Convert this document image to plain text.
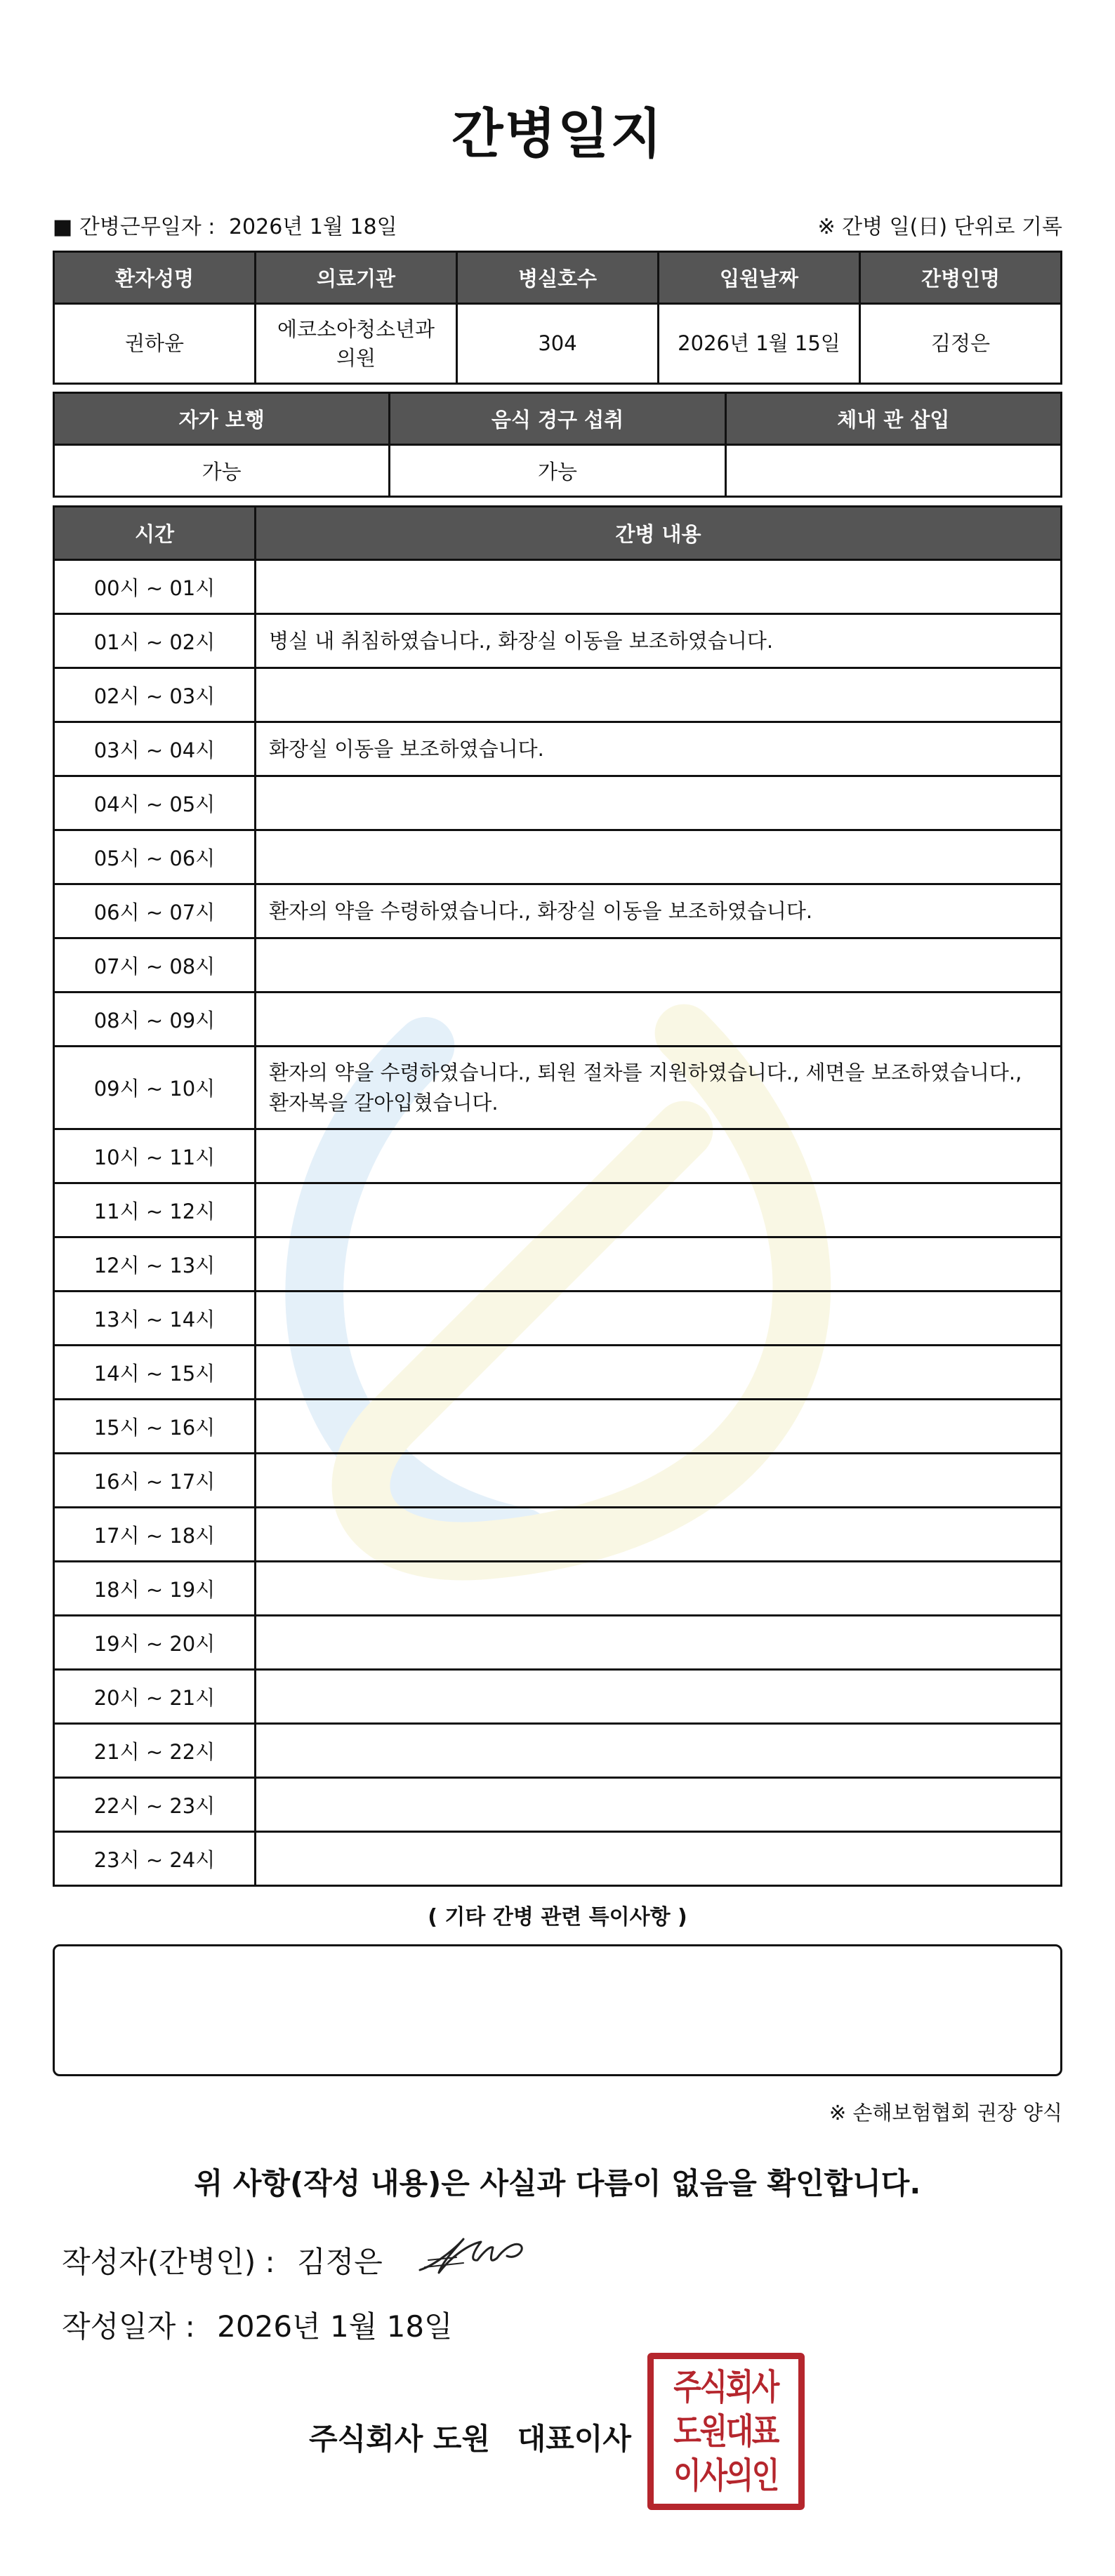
간병일지
■ 간병근무일자 : 2026년 1월 18일	※ 간병 일(日) 단위로 기록
환자성명	의료기관	병실호수	입원날짜	간병인명
권하윤	에코소아청소년과의원	304	2026년 1월 15일	김정은
자가 보행	음식 경구 섭취	체내 관 삽입
가능	가능	
시간	간병 내용
00시 ~ 01시	
01시 ~ 02시	병실 내 취침하였습니다., 화장실 이동을 보조하였습니다.
02시 ~ 03시	
03시 ~ 04시	화장실 이동을 보조하였습니다.
04시 ~ 05시	
05시 ~ 06시	
06시 ~ 07시	환자의 약을 수령하였습니다., 화장실 이동을 보조하였습니다.
07시 ~ 08시	
08시 ~ 09시	
09시 ~ 10시	환자의 약을 수령하였습니다., 퇴원 절차를 지원하였습니다., 세면을 보조하였습니다., 환자복을 갈아입혔습니다.
10시 ~ 11시	
11시 ~ 12시	
12시 ~ 13시	
13시 ~ 14시	
14시 ~ 15시	
15시 ~ 16시	
16시 ~ 17시	
17시 ~ 18시	
18시 ~ 19시	
19시 ~ 20시	
20시 ~ 21시	
21시 ~ 22시	
22시 ~ 23시	
23시 ~ 24시	
( 기타 간병 관련 특이사항 )
※ 손해보험협회 권장 양식
위 사항(작성 내용)은 사실과 다름이 없음을 확인합니다.
작성자(간병인) : 김정은
작성일자 : 2026년 1월 18일
주식회사 도원 대표이사
주식회사
도원대표
이사의인
